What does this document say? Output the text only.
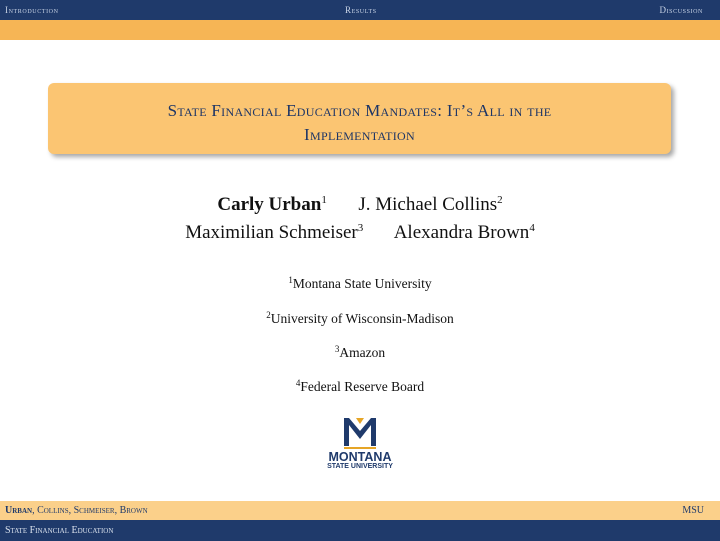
Introduction	Results	Discussion
State Financial Education Mandates: It’s All in the
Implementation
Carly Urban$^1$ J. Michael Collins$^2$
Maximilian Schmeiser$^3$ Alexandra Brown$^4$
$^1$Montana State University
$^2$University of Wisconsin-Madison
$^3$Amazon
$^4$Federal Reserve Board
MONTANA
STATE UNIVERSITY
Urban, Collins, Schmeiser, Brown	MSU
State Financial Education
